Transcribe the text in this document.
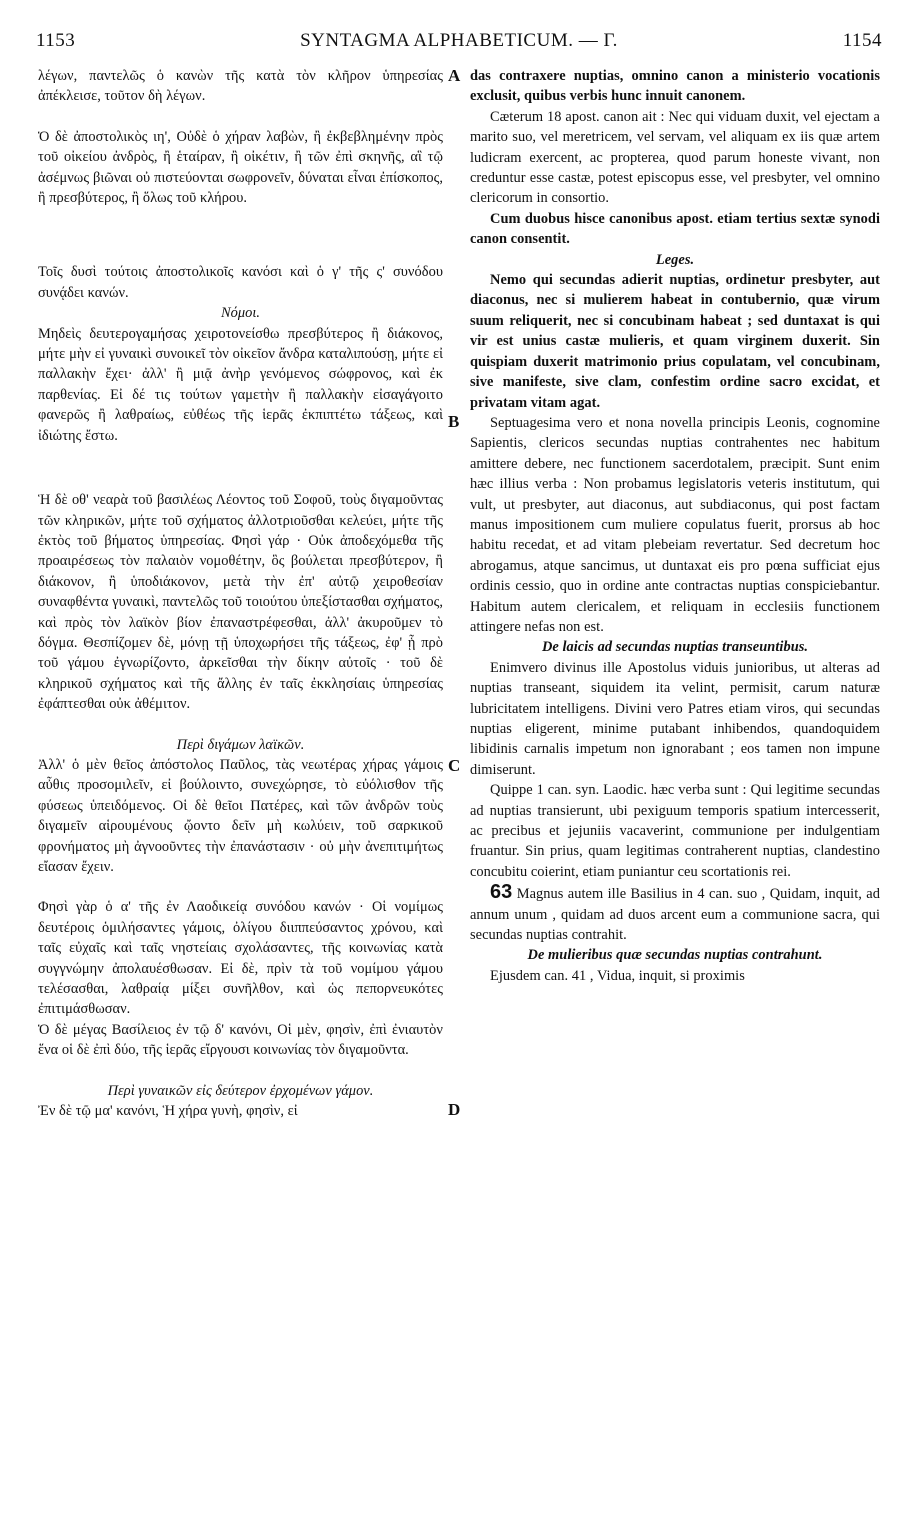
1153	SYNTAGMA ALPHABETICUM. — Γ.	1154
A
B
C
D

λέγων, παντελῶς ὁ κανὼν τῆς κατὰ τὸν κλῆρον ὑπηρεσίας ἀπέκλεισε, τοῦτον δὴ λέγων.

Ὁ δὲ ἀποστολικὸς ιη', Οὐδὲ ὁ χήραν λαβὼν, ἢ ἐκβεβλημένην πρὸς τοῦ οἰκείου ἀνδρὸς, ἢ ἑταίραν, ἢ οἰκέτιν, ἢ τῶν ἐπὶ σκηνῆς, αἳ τῷ ἀσέμνως βιῶναι οὐ πιστεύονται σωφρονεῖν, δύναται εἶναι ἐπίσκοπος, ἢ πρεσβύτερος, ἢ ὅλως τοῦ κλήρου.

Τοῖς δυσὶ τούτοις ἀποστολικοῖς κανόσι καὶ ὁ γ' τῆς ς' συνόδου συνᾴδει κανών.

Νόμοι.

Μηδεὶς δευτερογαμήσας χειροτονείσθω πρεσβύτερος ἢ διάκονος, μήτε μὴν εἰ γυναικὶ συνοικεῖ τὸν οἰκεῖον ἄνδρα καταλιπούσῃ, μήτε εἰ παλλακὴν ἔχει· ἀλλ' ἢ μιᾷ ἀνὴρ γενόμενος σώφρονος, καὶ ἐκ παρθενίας. Εἰ δέ τις τούτων γαμετὴν ἢ παλλακὴν εἰσαγάγοιτο φανερῶς ἢ λαθραίως, εὐθέως τῆς ἱερᾶς ἐκπιπτέτω τάξεως, καὶ ἰδιώτης ἔστω.

Ἡ δὲ οθ' νεαρὰ τοῦ βασιλέως Λέοντος τοῦ Σοφοῦ, τοὺς διγαμοῦντας τῶν κληρικῶν, μήτε τοῦ σχήματος ἀλλοτριοῦσθαι κελεύει, μήτε τῆς ἐκτὸς τοῦ βήματος ὑπηρεσίας. Φησὶ γάρ · Οὐκ ἀποδεχόμεθα τῆς προαιρέσεως τὸν παλαιὸν νομοθέτην, ὃς βούλεται πρεσβύτερον, ἢ διάκονον, ἢ ὑποδιάκονον, μετὰ τὴν ἐπ' αὐτῷ χειροθεσίαν συναφθέντα γυναικὶ, παντελῶς τοῦ τοιούτου ὑπεξίστασθαι σχήματος, καὶ πρὸς τὸν λαϊκὸν βίον ἐπαναστρέφεσθαι, ἀλλ' ἀκυροῦμεν τὸ δόγμα. Θεσπίζομεν δὲ, μόνῃ τῇ ὑποχωρήσει τῆς τάξεως, ἐφ' ᾗ πρὸ τοῦ γάμου ἐγνωρίζοντο, ἀρκεῖσθαι τὴν δίκην αὐτοῖς · τοῦ δὲ κληρικοῦ σχήματος καὶ τῆς ἄλλης ἐν ταῖς ἐκκλησίαις ὑπηρεσίας ἐφάπτεσθαι οὐκ ἀθέμιτον.

Περὶ διγάμων λαϊκῶν.

Ἀλλ' ὁ μὲν θεῖος ἀπόστολος Παῦλος, τὰς νεωτέρας χήρας γάμοις αὖθις προσομιλεῖν, εἰ βούλοιντο, συνεχώρησε, τὸ εὐόλισθον τῆς φύσεως ὑπειδόμενος. Οἱ δὲ θεῖοι Πατέρες, καὶ τῶν ἀνδρῶν τοὺς διγαμεῖν αἱρουμένους ᾤοντο δεῖν μὴ κωλύειν, τοῦ σαρκικοῦ φρονήματος μὴ ἀγνοοῦντες τὴν ἐπανάστασιν · οὐ μὴν ἀνεπιτιμήτως εἴασαν ἔχειν.

Φησὶ γὰρ ὁ α' τῆς ἐν Λαοδικείᾳ συνόδου κανών · Οἱ νομίμως δευτέροις ὁμιλήσαντες γάμοις, ὀλίγου διιππεύσαντος χρόνου, καὶ ταῖς εὐχαῖς καὶ ταῖς νηστείαις σχολάσαντες, τῆς κοινωνίας κατὰ συγγνώμην ἀπολαυέσθωσαν. Εἰ δὲ, πρὶν τὰ τοῦ νομίμου γάμου τελέσασθαι, λαθραίᾳ μίξει συνῆλθον, καὶ ὡς πεπορνευκότες ἐπιτιμάσθωσαν.

Ὁ δὲ μέγας Βασίλειος ἐν τῷ δ' κανόνι, Οἱ μὲν, φησὶν, ἐπὶ ἐνιαυτὸν ἕνα οἱ δὲ ἐπὶ δύο, τῆς ἱερᾶς εἴργουσι κοινωνίας τὸν διγαμοῦντα.

Περὶ γυναικῶν εἰς δεύτερον ἐρχομένων γάμον.

Ἐν δὲ τῷ μα' κανόνι, Ἡ χήρα γυνὴ, φησὶν, εἰ

das contraxere nuptias, omnino canon a ministerio vocationis exclusit, quibus verbis hunc innuit canonem.

Cæterum 18 apost. canon ait : Nec qui viduam duxit, vel ejectam a marito suo, vel meretricem, vel servam, vel aliquam ex iis quæ artem ludicram exercent, ac propterea, quod parum honeste vivant, non creduntur esse castæ, potest episcopus esse, vel presbyter, vel omnino clericorum in consortio.

Cum duobus hisce canonibus apost. etiam tertius sextæ synodi canon consentit.

Leges.

Nemo qui secundas adierit nuptias, ordinetur presbyter, aut diaconus, nec si mulierem habeat in contubernio, quæ virum suum reliquerit, nec si concubinam habeat ; sed duntaxat is qui vir est unius castæ mulieris, et quam virginem duxerit. Sin quispiam duxerit matrimonio prius copulatam, vel concubinam, sive manifeste, sive clam, confestim ordine sacro excidat, et privatam vitam agat.

Septuagesima vero et nona novella principis Leonis, cognomine Sapientis, clericos secundas nuptias contrahentes nec habitum amittere debere, nec functionem sacerdotalem, præcipit. Sunt enim hæc illius verba : Non probamus legislatoris veteris institutum, qui vult, ut presbyter, aut diaconus, aut subdiaconus, qui post factam manus impositionem cum muliere copulatus fuerit, prorsus ab hoc habitu recedat, et ad vitam plebeiam revertatur. Sed decretum hoc abrogamus, atque sancimus, ut duntaxat eis pro pœna sufficiat ejus ordinis cessio, quo in ordine ante contractas nuptias conspiciebantur. Habitum autem clericalem, et reliquam in ecclesiis functionem attingere nefas non est.

De laicis ad secundas nuptias transeuntibus.

Enimvero divinus ille Apostolus viduis junioribus, ut alteras ad nuptias transeant, siquidem ita velint, permisit, carum naturæ lubricitatem intelligens. Divini vero Patres etiam viros, qui secundas nuptias eligerent, minime putabant inhibendos, quandoquidem libidinis carnalis impetum non ignorabant ; eos tamen non impune dimiserunt.

Quippe 1 can. syn. Laodic. hæc verba sunt : Qui legitime secundas ad nuptias transierunt, ubi pexiguum temporis spatium intercesserit, ac precibus et jejuniis vacaverint, communione per indulgentiam fruantur. Sin prius, quam legitimas contraherent nuptias, clandestino concubitu coierint, etiam puniantur ceu scortationis rei.

63 Magnus autem ille Basilius in 4 can. suo , Quidam, inquit, ad annum unum , quidam ad duos arcent eum a communione sacra, qui secundas nuptias contrahit.

De mulieribus quæ secundas nuptias contrahunt.

Ejusdem can. 41 , Vidua, inquit, si proximis
